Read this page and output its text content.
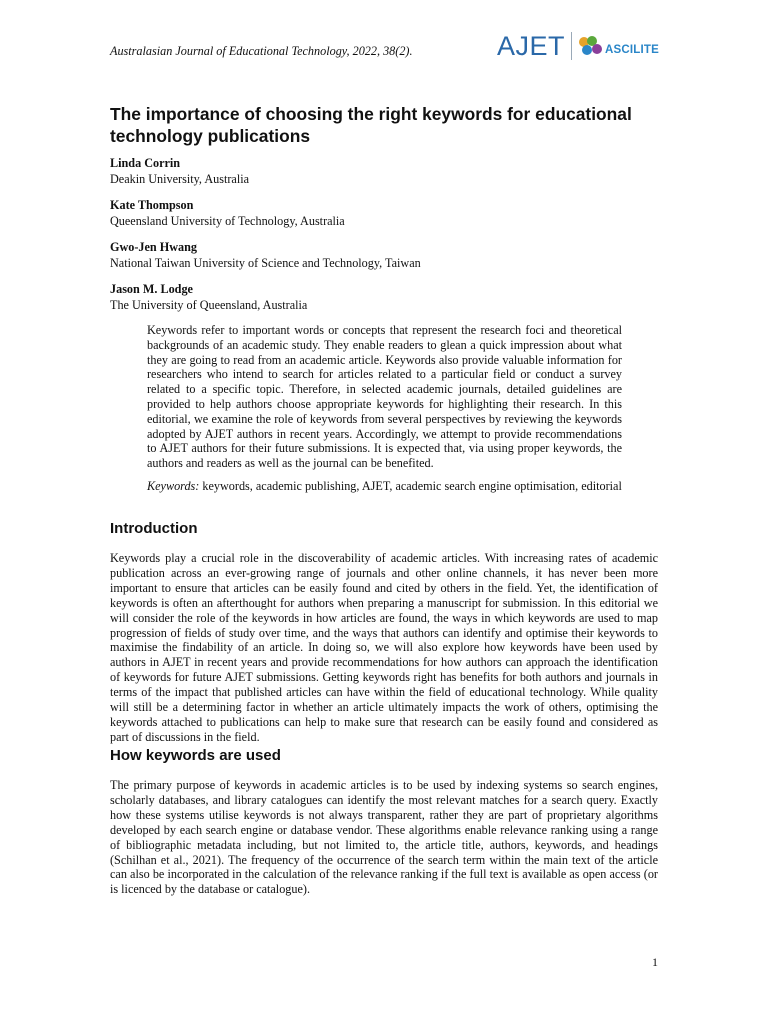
Australasian Journal of Educational Technology, 2022, 38(2).	AJET	ASCILITE
The importance of choosing the right keywords for educational technology publications
Linda Corrin
Deakin University, Australia
Kate Thompson
Queensland University of Technology, Australia
Gwo-Jen Hwang
National Taiwan University of Science and Technology, Taiwan
Jason M. Lodge
The University of Queensland, Australia
Keywords refer to important words or concepts that represent the research foci and theoretical backgrounds of an academic study. They enable readers to glean a quick impression about what they are going to read from an academic article. Keywords also provide valuable information for researchers who intend to search for articles related to a particular field or conduct a survey related to a specific topic. Therefore, in selected academic journals, detailed guidelines are provided to help authors choose appropriate keywords for highlighting their research. In this editorial, we examine the role of keywords from several perspectives by reviewing the keywords adopted by AJET authors in recent years. Accordingly, we attempt to provide recommendations to AJET authors for their future submissions. It is expected that, via using proper keywords, the authors and readers as well as the journal can be benefited.
Keywords: keywords, academic publishing, AJET, academic search engine optimisation, editorial
Introduction
Keywords play a crucial role in the discoverability of academic articles. With increasing rates of academic publication across an ever-growing range of journals and other online channels, it has never been more important to ensure that articles can be easily found and cited by others in the field. Yet, the identification of keywords is often an afterthought for authors when preparing a manuscript for submission. In this editorial we will consider the role of the keywords in how articles are found, the ways in which keywords are used to map progression of fields of study over time, and the ways that authors can identify and optimise their keywords to maximise the findability of an article. In doing so, we will also explore how keywords have been used by authors in AJET in recent years and provide recommendations for how authors can approach the identification of keywords for future AJET submissions. Getting keywords right has benefits for both authors and journals in terms of the impact that published articles can have within the field of educational technology. While quality will still be a determining factor in whether an article ultimately impacts the work of others, optimising the keywords attached to publications can help to make sure that research can be easily found and considered as part of discussions in the field.
How keywords are used
The primary purpose of keywords in academic articles is to be used by indexing systems so search engines, scholarly databases, and library catalogues can identify the most relevant matches for a search query. Exactly how these systems utilise keywords is not always transparent, rather they are part of proprietary algorithms developed by each search engine or database vendor. These algorithms enable relevance ranking using a range of bibliographic metadata including, but not limited to, the article title, authors, keywords, and headings (Schilhan et al., 2021). The frequency of the occurrence of the search term within the main text of the article can also be incorporated in the calculation of the relevance ranking if the full text is available as open access (or is licenced by the database or catalogue).
1
